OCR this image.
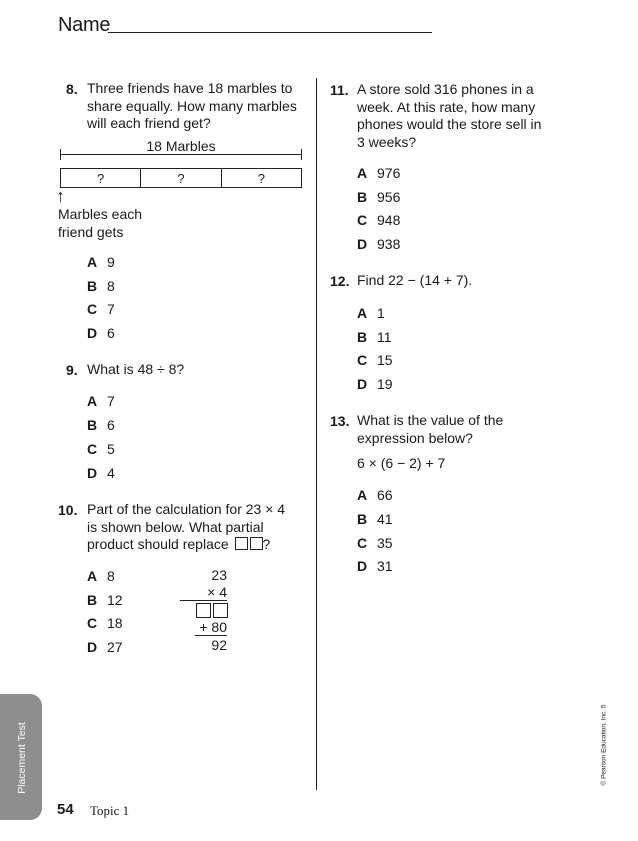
Name
8. Three friends have 18 marbles to
share equally. How many marbles
will each friend get?
18 Marbles
?	?	?
↑
Marbles each
friend gets
A 9
B 8
C 7
D 6
9. What is 48 ÷ 8?
A 7
B 6
C 5
D 4
10. Part of the calculation for 23 × 4
is shown below. What partial
product should replace ?
A 8
B 12
C 18
D 27
23
× 4
+ 80
92
11. A store sold 316 phones in a
week. At this rate, how many
phones would the store sell in
3 weeks?
A 976
B 956
C 948
D 938
12. Find 22 − (14 + 7).
A 1
B 11
C 15
D 19
13. What is the value of the
expression below?
6 × (6 − 2) + 7
A 66
B 41
C 35
D 31
Placement Test
54 Topic 1
© Pearson Education, Inc. 5
